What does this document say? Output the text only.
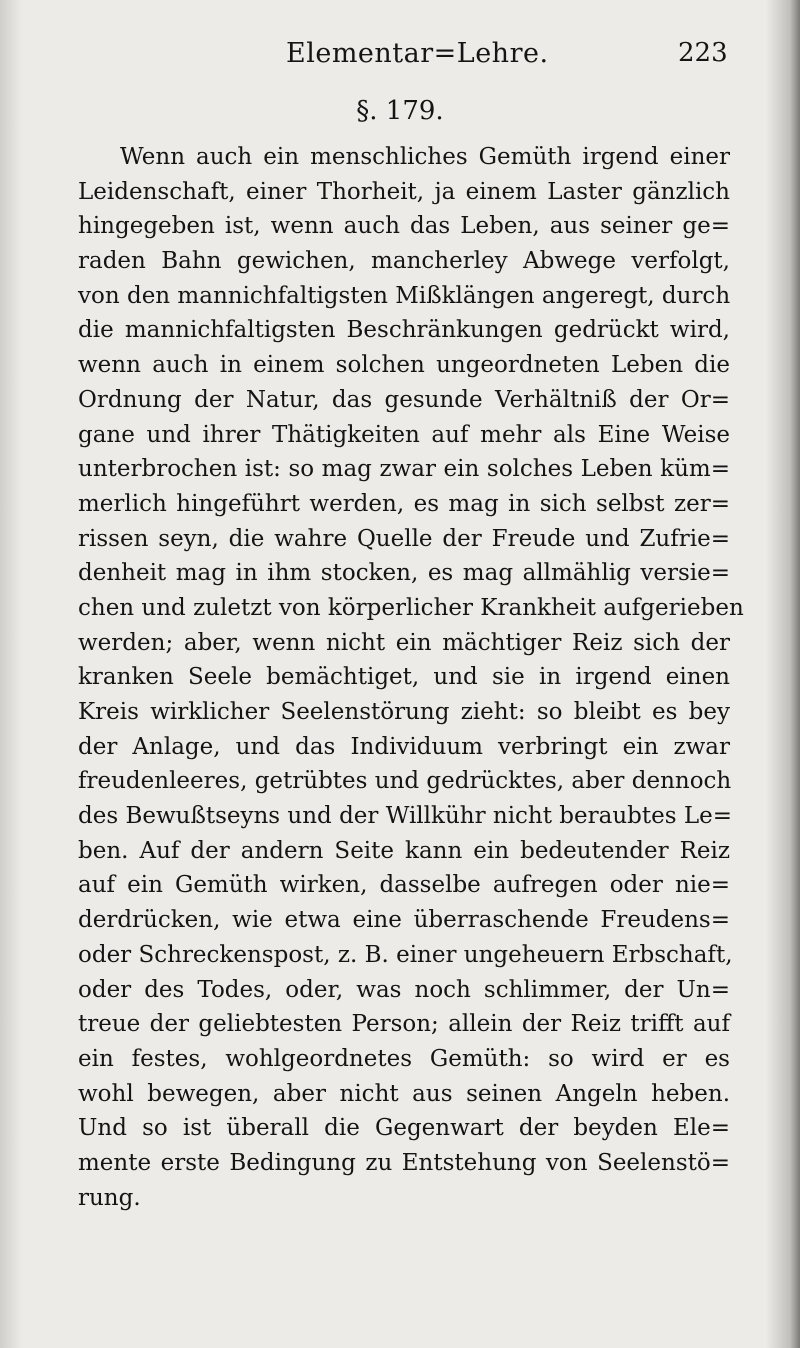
Elementar=Lehre.	223
§. 179.
Wenn auch ein menschliches Gemüth irgend einer
Leidenschaft, einer Thorheit, ja einem Laster gänzlich
hingegeben ist, wenn auch das Leben, aus seiner ge=
raden Bahn gewichen, mancherley Abwege verfolgt,
von den mannichfaltigsten Mißklängen angeregt, durch
die mannichfaltigsten Beschränkungen gedrückt wird,
wenn auch in einem solchen ungeordneten Leben die
Ordnung der Natur, das gesunde Verhältniß der Or=
gane und ihrer Thätigkeiten auf mehr als Eine Weise
unterbrochen ist: so mag zwar ein solches Leben küm=
merlich hingeführt werden, es mag in sich selbst zer=
rissen seyn, die wahre Quelle der Freude und Zufrie=
denheit mag in ihm stocken, es mag allmählig versie=
chen und zuletzt von körperlicher Krankheit aufgerieben
werden; aber, wenn nicht ein mächtiger Reiz sich der
kranken Seele bemächtiget, und sie in irgend einen
Kreis wirklicher Seelenstörung zieht: so bleibt es bey
der Anlage, und das Individuum verbringt ein zwar
freudenleeres, getrübtes und gedrücktes, aber dennoch
des Bewußtseyns und der Willkühr nicht beraubtes Le=
ben. Auf der andern Seite kann ein bedeutender Reiz
auf ein Gemüth wirken, dasselbe aufregen oder nie=
derdrücken, wie etwa eine überraschende Freudens=
oder Schreckenspost, z. B. einer ungeheuern Erbschaft,
oder des Todes, oder, was noch schlimmer, der Un=
treue der geliebtesten Person; allein der Reiz trifft auf
ein festes, wohlgeordnetes Gemüth: so wird er es
wohl bewegen, aber nicht aus seinen Angeln heben.
Und so ist überall die Gegenwart der beyden Ele=
mente erste Bedingung zu Entstehung von Seelenstö=
rung.
